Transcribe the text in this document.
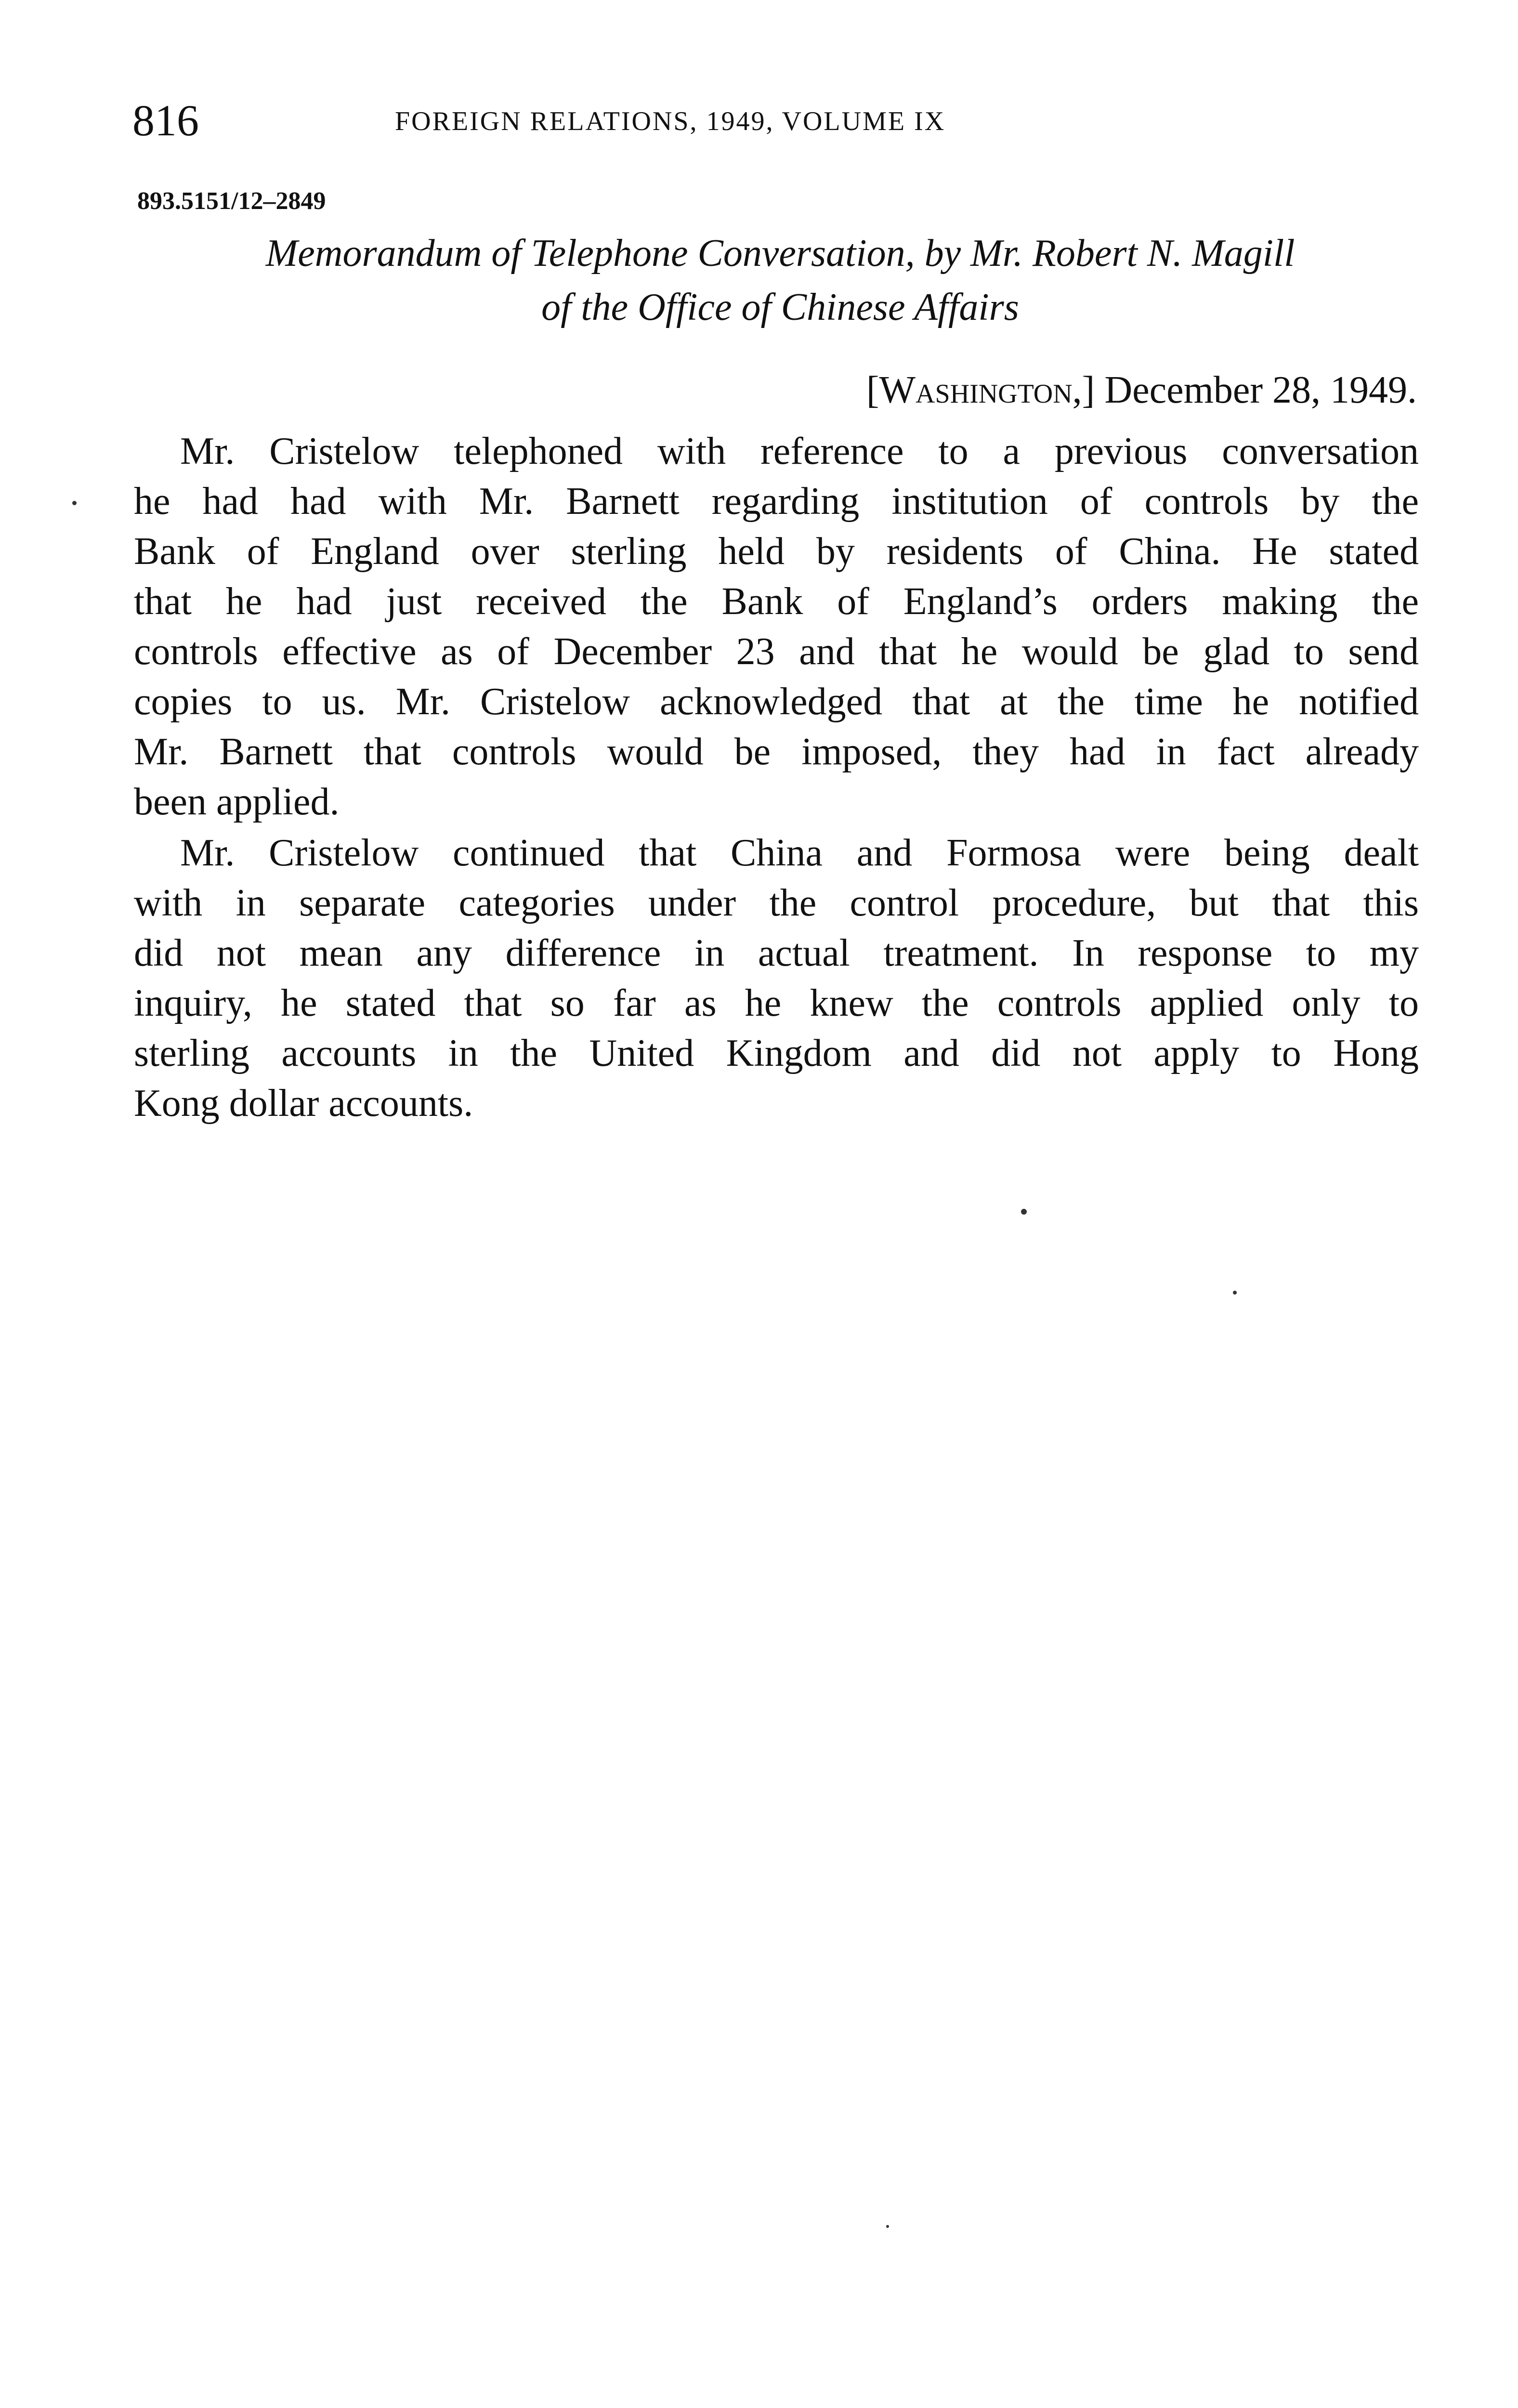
816	FOREIGN RELATIONS, 1949, VOLUME IX
893.5151/12–2849
Memorandum of Telephone Conversation, by Mr. Robert N. Magill
of the Office of Chinese Affairs
[Washington,] December 28, 1949.
Mr. Cristelow telephoned with reference to a previous conversation
he had had with Mr. Barnett regarding institution of controls by the
Bank of England over sterling held by residents of China. He stated
that he had just received the Bank of England’s orders making the
controls effective as of December 23 and that he would be glad to send
copies to us. Mr. Cristelow acknowledged that at the time he notified
Mr. Barnett that controls would be imposed, they had in fact already
been applied.
Mr. Cristelow continued that China and Formosa were being dealt
with in separate categories under the control procedure, but that this
did not mean any difference in actual treatment. In response to my
inquiry, he stated that so far as he knew the controls applied only to
sterling accounts in the United Kingdom and did not apply to Hong
Kong dollar accounts.
